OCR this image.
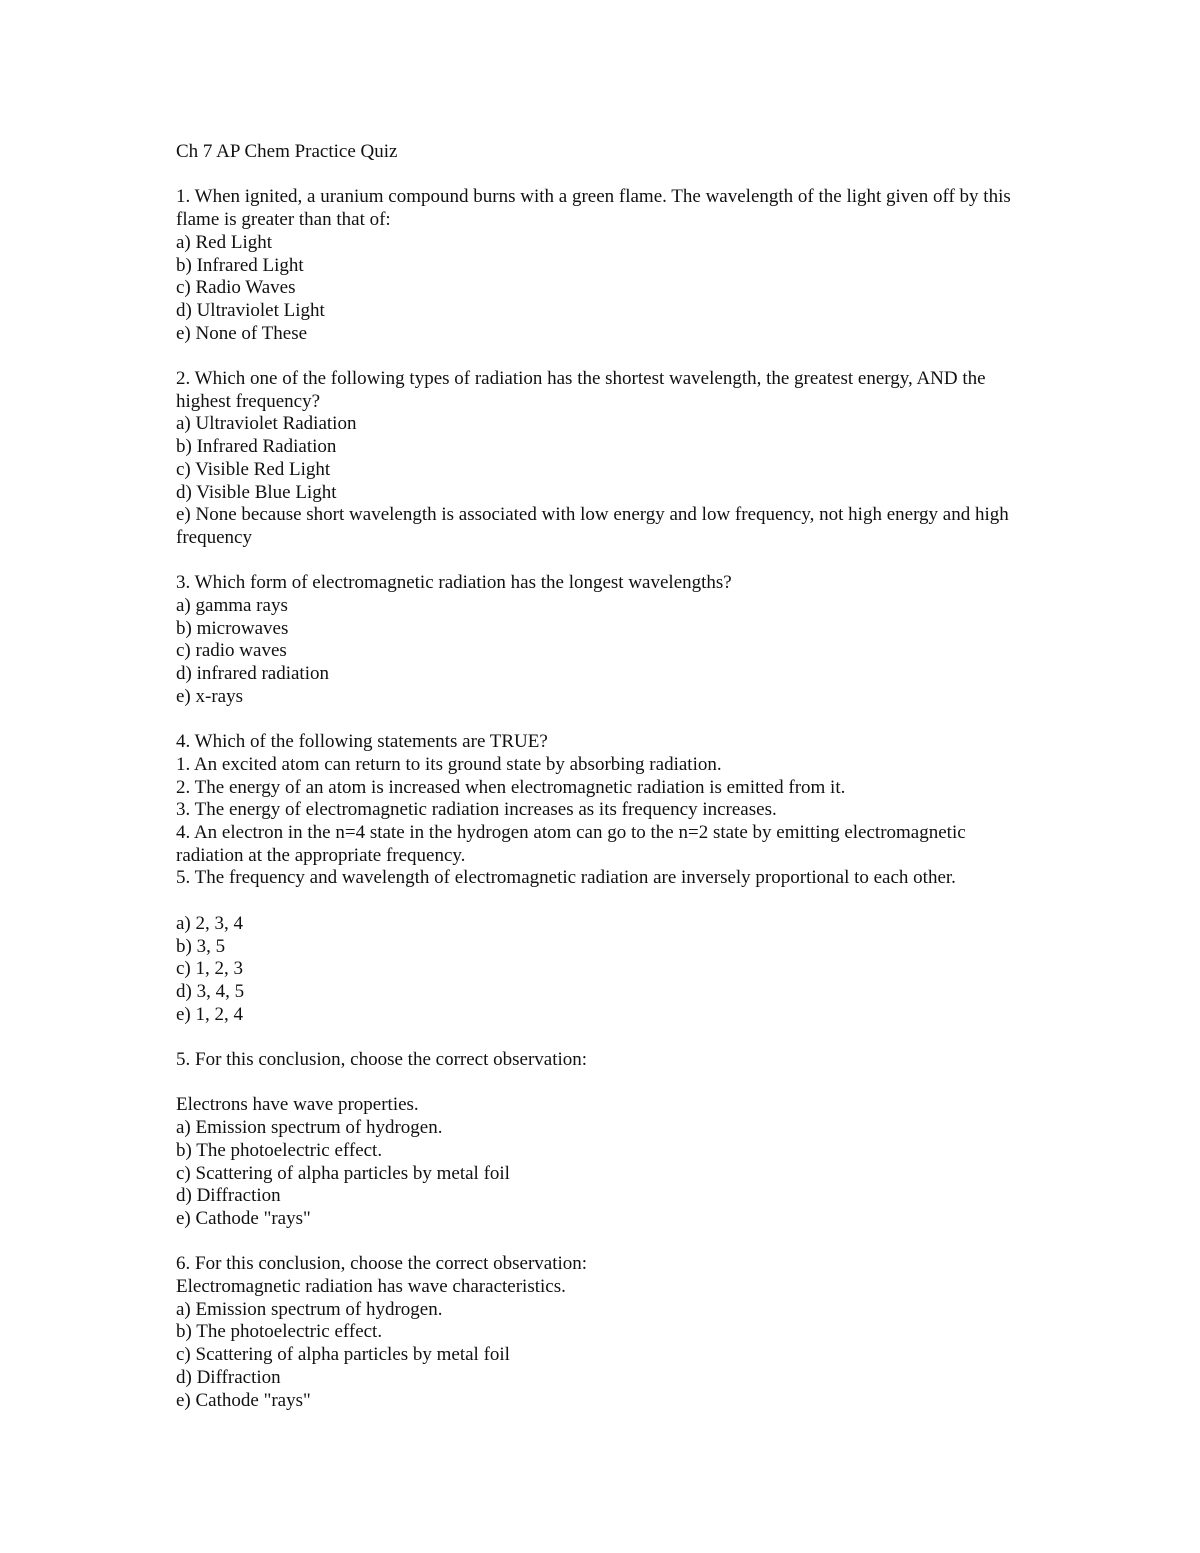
Ch 7 AP Chem Practice Quiz

1. When ignited, a uranium compound burns with a green flame. The wavelength of the light given off by this flame is greater than that of:

a) Red Light

b) Infrared Light

c) Radio Waves

d) Ultraviolet Light

e) None of These

2. Which one of the following types of radiation has the shortest wavelength, the greatest energy, AND the highest frequency?

a) Ultraviolet Radiation

b) Infrared Radiation

c) Visible Red Light

d) Visible Blue Light

e) None because short wavelength is associated with low energy and low frequency, not high energy and high frequency

3. Which form of electromagnetic radiation has the longest wavelengths?

a) gamma rays

b) microwaves

c) radio waves

d) infrared radiation

e) x-rays

4. Which of the following statements are TRUE?

1. An excited atom can return to its ground state by absorbing radiation.

2. The energy of an atom is increased when electromagnetic radiation is emitted from it.

3. The energy of electromagnetic radiation increases as its frequency increases.

4. An electron in the n=4 state in the hydrogen atom can go to the n=2 state by emitting electromagnetic radiation at the appropriate frequency.

5. The frequency and wavelength of electromagnetic radiation are inversely proportional to each other.

a) 2, 3, 4

b) 3, 5

c) 1, 2, 3

d) 3, 4, 5

e) 1, 2, 4

5. For this conclusion, choose the correct observation:

Electrons have wave properties.

a) Emission spectrum of hydrogen.

b) The photoelectric effect.

c) Scattering of alpha particles by metal foil

d) Diffraction

e) Cathode "rays"

6. For this conclusion, choose the correct observation:

Electromagnetic radiation has wave characteristics.

a) Emission spectrum of hydrogen.

b) The photoelectric effect.

c) Scattering of alpha particles by metal foil

d) Diffraction

e) Cathode "rays"
